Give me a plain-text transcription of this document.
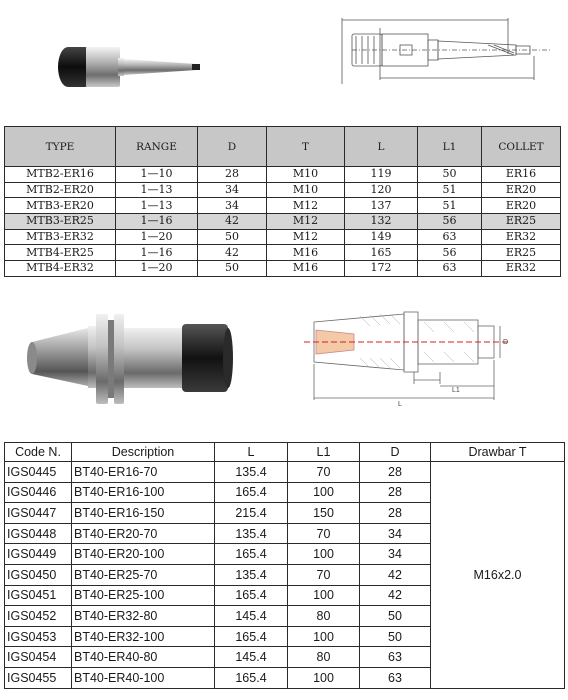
TYPE	RANGE	D	T	L	L1	COLLET
MTB2-ER16	1—10	28	M10	119	50	ER16
MTB2-ER20	1—13	34	M10	120	51	ER20
MTB3-ER20	1—13	34	M12	137	51	ER20
MTB3-ER25	1—16	42	M12	132	56	ER25
MTB3-ER32	1—20	50	M12	149	63	ER32
MTB4-ER25	1—16	42	M16	165	56	ER25
MTB4-ER32	1—20	50	M16	172	63	ER32
L1
L
D
Code N.	Description	L	L1	D	Drawbar T
IGS0445	BT40-ER16-70	135.4	70	28	M16x2.0
IGS0446	BT40-ER16-100	165.4	100	28	
IGS0447	BT40-ER16-150	215.4	150	28	
IGS0448	BT40-ER20-70	135.4	70	34	
IGS0449	BT40-ER20-100	165.4	100	34	
IGS0450	BT40-ER25-70	135.4	70	42	
IGS0451	BT40-ER25-100	165.4	100	42	
IGS0452	BT40-ER32-80	145.4	80	50	
IGS0453	BT40-ER32-100	165.4	100	50	
IGS0454	BT40-ER40-80	145.4	80	63	
IGS0455	BT40-ER40-100	165.4	100	63	
